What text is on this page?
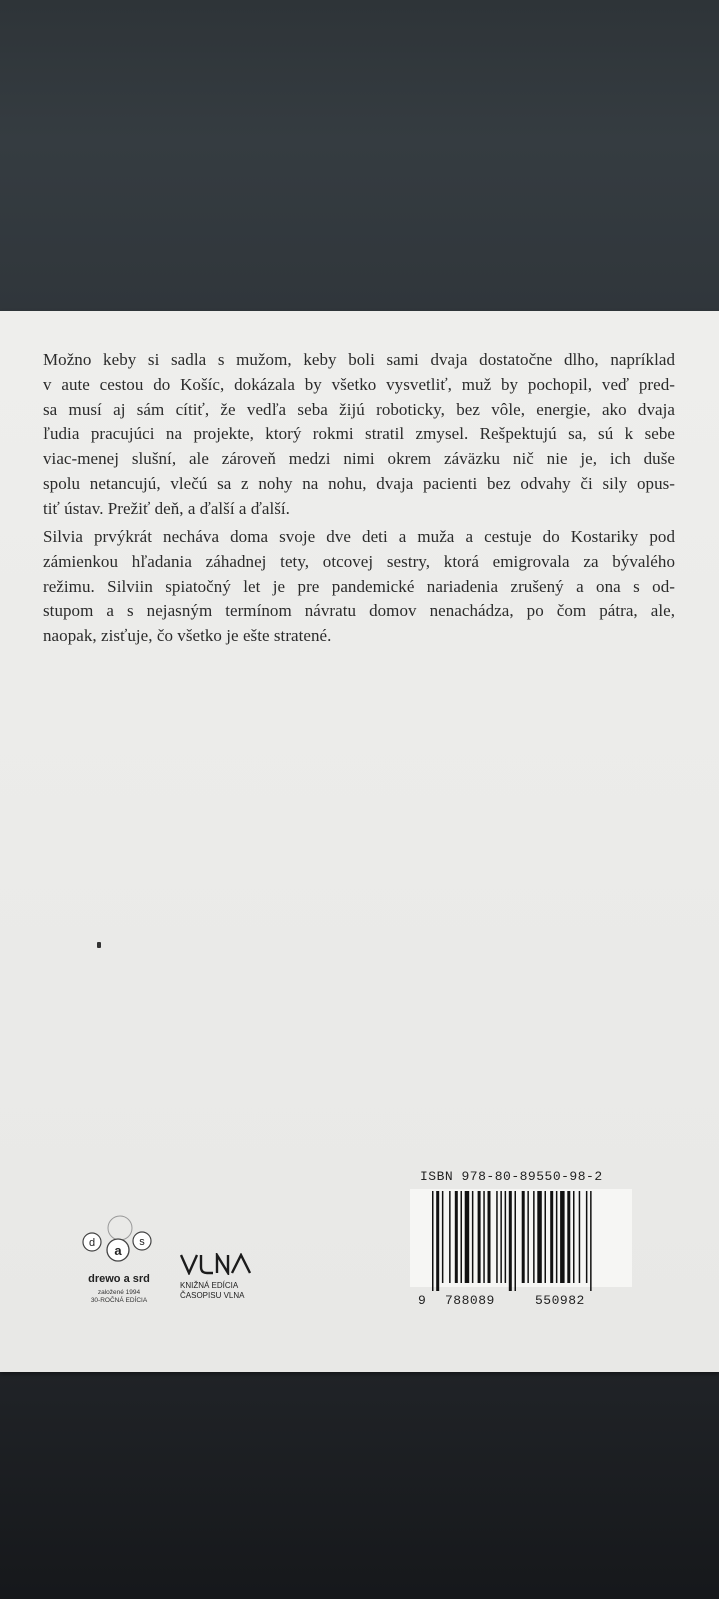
Možno keby si sadla s mužom, keby boli sami dvaja dostatočne dlho, napríklad
v aute cestou do Košíc, dokázala by všetko vysvetliť, muž by pochopil, veď pred-
sa musí aj sám cítiť, že vedľa seba žijú roboticky, bez vôle, energie, ako dvaja
ľudia pracujúci na projekte, ktorý rokmi stratil zmysel. Rešpektujú sa, sú k sebe
viac-menej slušní, ale zároveň medzi nimi okrem záväzku nič nie je, ich duše
spolu netancujú, vlečú sa z nohy na nohu, dvaja pacienti bez odvahy či sily opus-
tiť ústav. Prežiť deň, a ďalší a ďalší.
Silvia prvýkrát necháva doma svoje dve deti a muža a cestuje do Kostariky pod
zámienkou hľadania záhadnej tety, otcovej sestry, ktorá emigrovala za bývalého
režimu. Silviin spiatočný let je pre pandemické nariadenia zrušený a ona s od-
stupom a s nejasným termínom návratu domov nenachádza, po čom pátra, ale,
naopak, zisťuje, čo všetko je ešte stratené.
d a
s
drewo a srd
založené 1994
30-ROČNÁ EDÍCIA
KNIŽNÁ EDÍCIA
ČASOPISU VLNA
ISBN 978-80-89550-98-2
9 788089	550982
